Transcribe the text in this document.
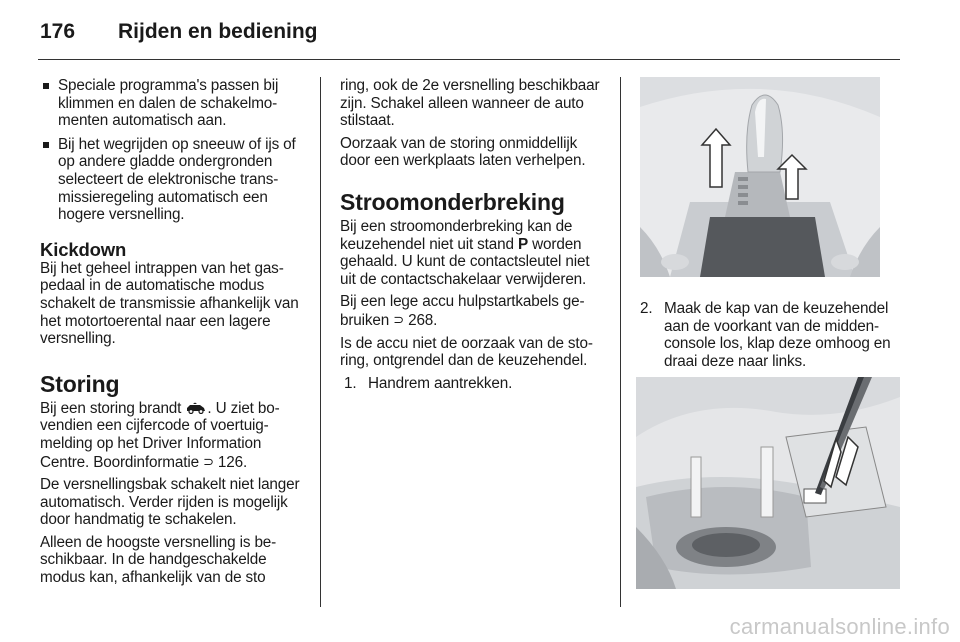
176	Rijden en bediening
Speciale programma's passen bij klimmen en dalen de schakelmomenten automatisch aan.
Bij het wegrijden op sneeuw of ijs of op andere gladde ondergronden selecteert de elektronische transmissieregeling automatisch een hogere versnelling.
Kickdown
Bij het geheel intrappen van het gaspedaal in de automatische modus schakelt de transmissie afhankelijk van het motortoerental naar een lagere versnelling.
Storing
Bij een storing brandt . U ziet bovendien een cijfercode of voertuigmelding op het Driver Information Centre. Boordinformatie ⊃ 126.
De versnellingsbak schakelt niet langer automatisch. Verder rijden is mogelijk door handmatig te schakelen.
Alleen de hoogste versnelling is beschikbaar. In de handgeschakelde modus kan, afhankelijk van de sto
ring, ook de 2e versnelling beschikbaar zijn. Schakel alleen wanneer de auto stilstaat.
Oorzaak van de storing onmiddellijk door een werkplaats laten verhelpen.
Stroomonderbreking
Bij een stroomonderbreking kan de keuzehendel niet uit stand P worden gehaald. U kunt de contactsleutel niet uit de contactschakelaar verwijderen.
Bij een lege accu hulpstartkabels gebruiken ⊃ 268.
Is de accu niet de oorzaak van de storing, ontgrendel dan de keuzehendel.
1. Handrem aantrekken.
2. Maak de kap van de keuzehendel aan de voorkant van de middenconsole los, klap deze omhoog en draai deze naar links.
carmanualsonline.info
